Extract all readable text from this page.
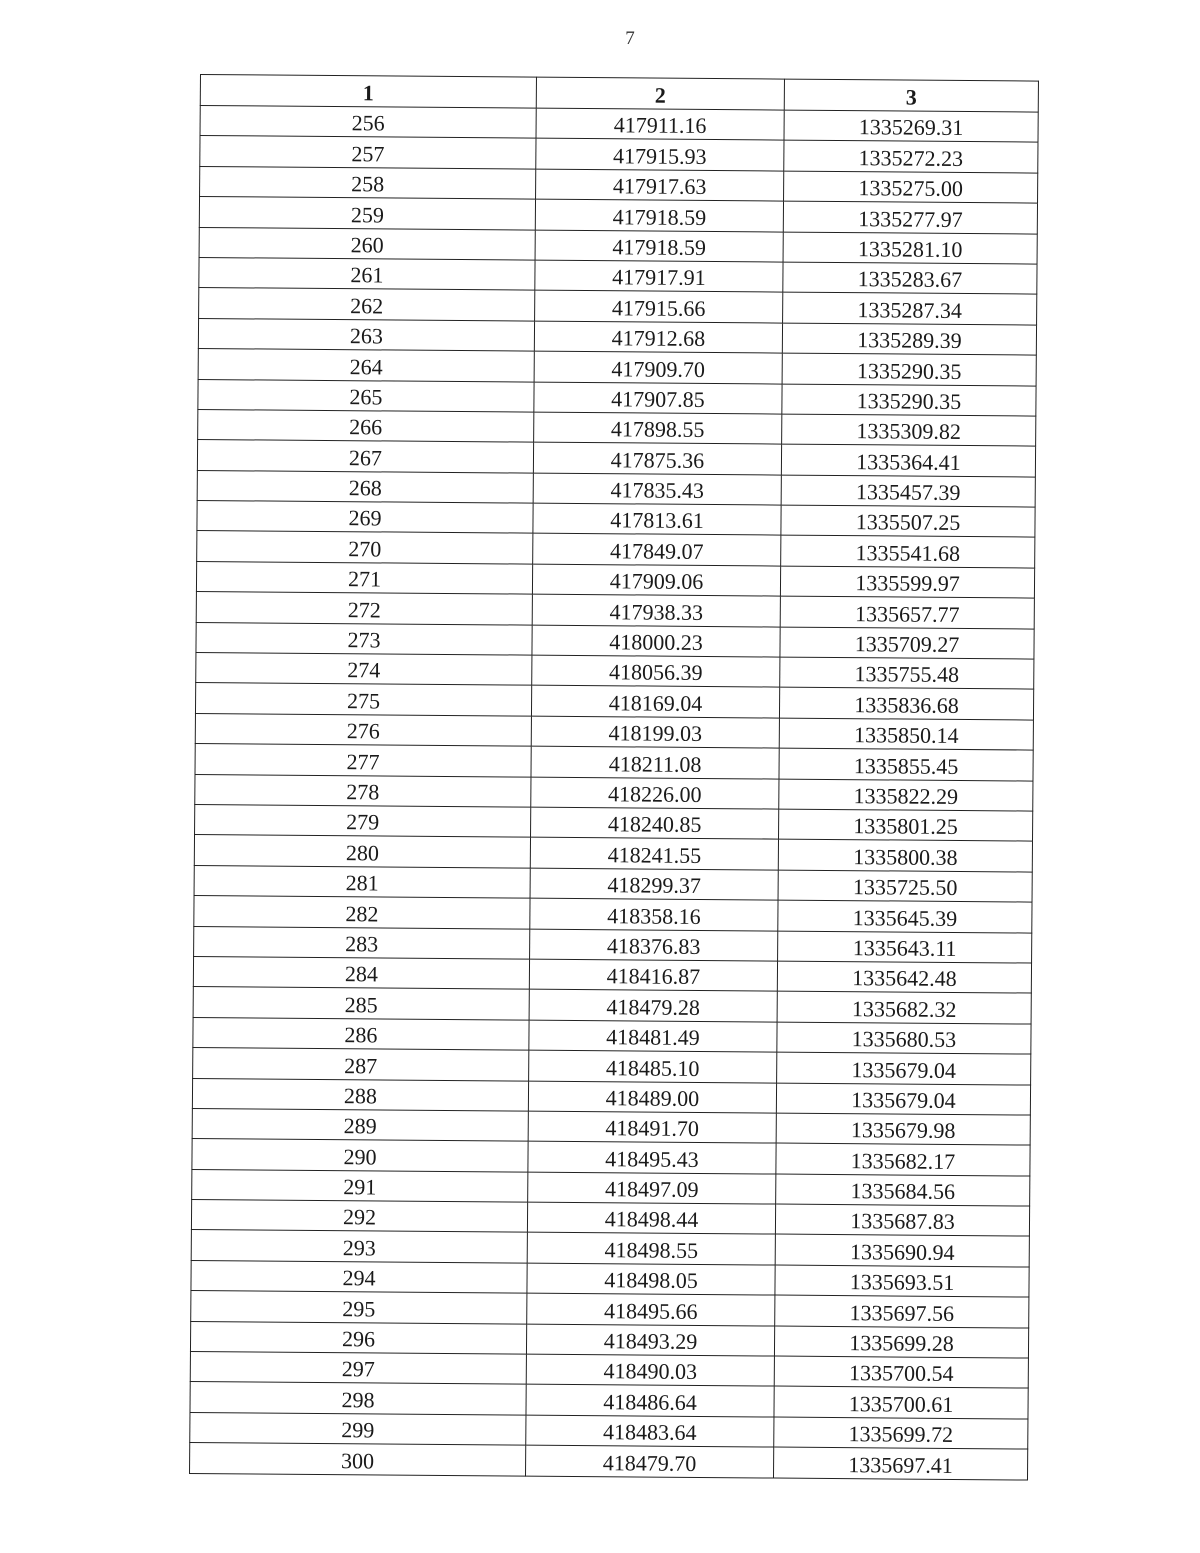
7
1	2	3
256	417911.16	1335269.31
257	417915.93	1335272.23
258	417917.63	1335275.00
259	417918.59	1335277.97
260	417918.59	1335281.10
261	417917.91	1335283.67
262	417915.66	1335287.34
263	417912.68	1335289.39
264	417909.70	1335290.35
265	417907.85	1335290.35
266	417898.55	1335309.82
267	417875.36	1335364.41
268	417835.43	1335457.39
269	417813.61	1335507.25
270	417849.07	1335541.68
271	417909.06	1335599.97
272	417938.33	1335657.77
273	418000.23	1335709.27
274	418056.39	1335755.48
275	418169.04	1335836.68
276	418199.03	1335850.14
277	418211.08	1335855.45
278	418226.00	1335822.29
279	418240.85	1335801.25
280	418241.55	1335800.38
281	418299.37	1335725.50
282	418358.16	1335645.39
283	418376.83	1335643.11
284	418416.87	1335642.48
285	418479.28	1335682.32
286	418481.49	1335680.53
287	418485.10	1335679.04
288	418489.00	1335679.04
289	418491.70	1335679.98
290	418495.43	1335682.17
291	418497.09	1335684.56
292	418498.44	1335687.83
293	418498.55	1335690.94
294	418498.05	1335693.51
295	418495.66	1335697.56
296	418493.29	1335699.28
297	418490.03	1335700.54
298	418486.64	1335700.61
299	418483.64	1335699.72
300	418479.70	1335697.41
